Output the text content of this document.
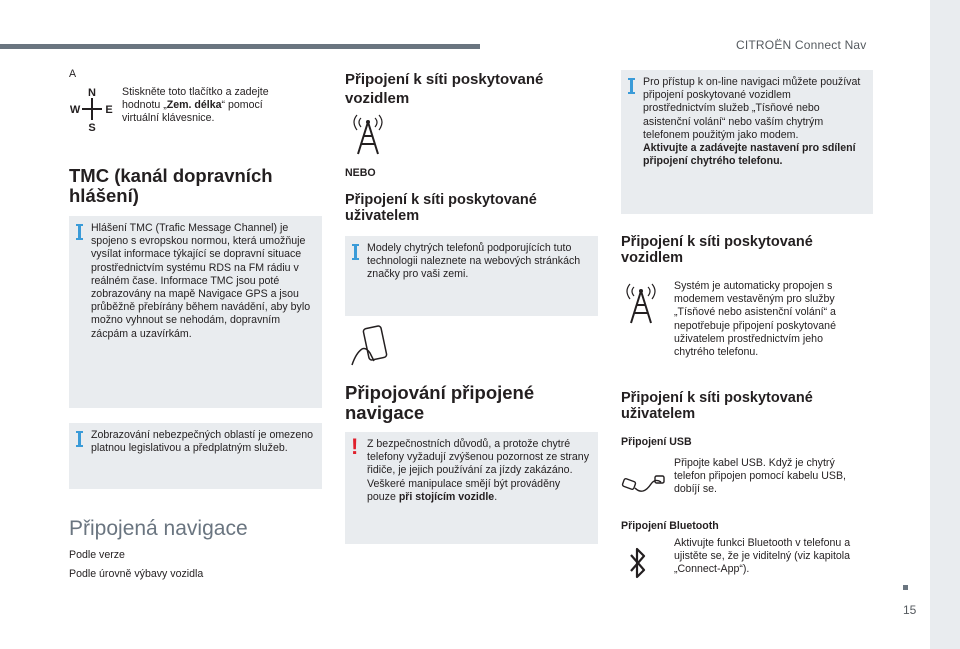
CITROËN Connect Nav
15
A
N
W E
S
Stiskněte toto tlačítko a zadejte hodnotu „Zem. délka“ pomocí virtuální klávesnice.
TMC (kanál dopravních hlášení)
Hlášení TMC (Trafic Message Channel) je spojeno s evropskou normou, která umožňuje vysílat informace týkající se dopravní situace prostřednictvím systému RDS na FM rádiu v reálném čase. Informace TMC jsou poté zobrazovány na mapě Navigace GPS a jsou průběžně přebírány během navádění, aby bylo možno vyhnout se nehodám, dopravním zácpám a uzavírkám.
Zobrazování nebezpečných oblastí je omezeno platnou legislativou a předplatným služeb.
Připojená navigace
Podle verze
Podle úrovně výbavy vozidla
Připojení k síti poskytované vozidlem
NEBO
Připojení k síti poskytované uživatelem
Modely chytrých telefonů podporujících tuto technologii naleznete na webových stránkách značky pro vaši zemi.
Připojování připojené navigace
! Z bezpečnostních důvodů, a protože chytré telefony vyžadují zvýšenou pozornost ze strany řidiče, je jejich používání za jízdy zakázáno.
Veškeré manipulace smějí být prováděny pouze při stojícím vozidle.
Pro přístup k on-line navigaci můžete používat připojení poskytované vozidlem prostřednictvím služeb „Tísňové nebo asistenční volání“ nebo vaším chytrým telefonem použitým jako modem.
Aktivujte a zadávejte nastavení pro sdílení připojení chytrého telefonu.
Připojení k síti poskytované vozidlem
Systém je automaticky propojen s modemem vestavěným pro služby „Tísňové nebo asistenční volání“ a nepotřebuje připojení poskytované uživatelem prostřednictvím jeho chytrého telefonu.
Připojení k síti poskytované uživatelem
Připojení USB
Připojte kabel USB. Když je chytrý telefon připojen pomocí kabelu USB, dobíjí se.
Připojení Bluetooth
Aktivujte funkci Bluetooth v telefonu a ujistěte se, že je viditelný (viz kapitola „Connect-App“).
